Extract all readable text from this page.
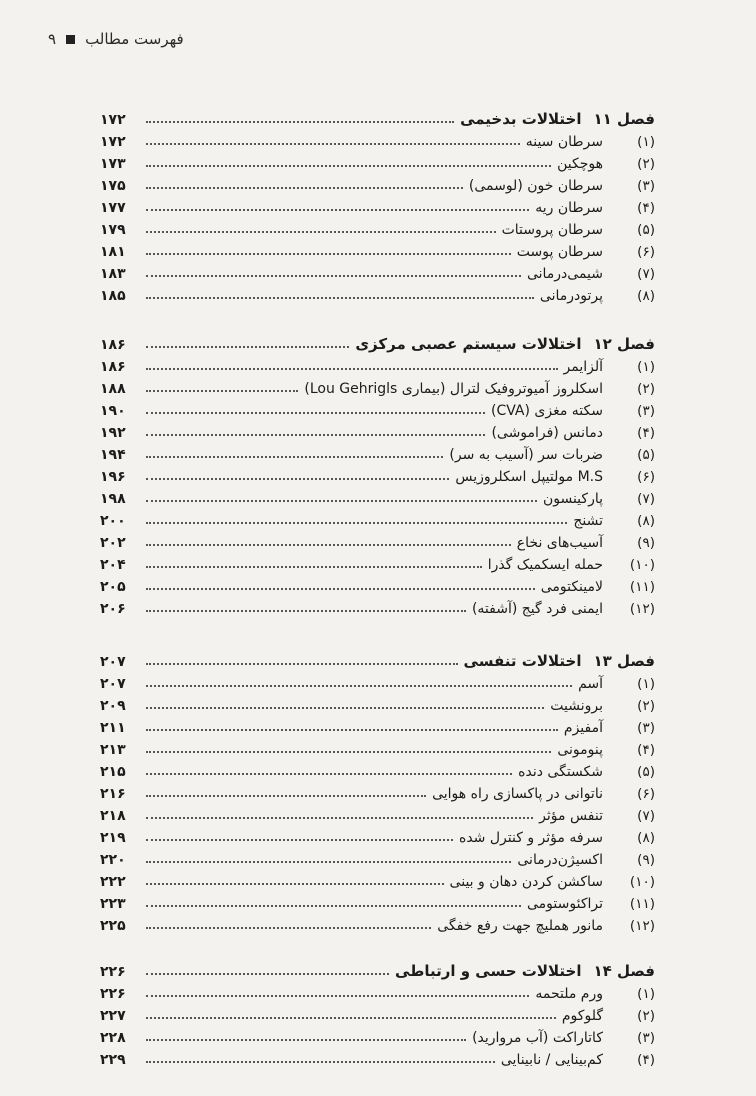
فهرست مطالب
۹
فصل ۱۱
اختلالات بدخیمی
۱۷۲
(۱)
سرطان سینه
۱۷۲
(۲)
هوچکین
۱۷۳
(۳)
سرطان خون (لوسمی)
۱۷۵
(۴)
سرطان ریه
۱۷۷
(۵)
سرطان پروستات
۱۷۹
(۶)
سرطان پوست
۱۸۱
(۷)
شیمی‌درمانی
۱۸۳
(۸)
پرتودرمانی
۱۸۵
فصل ۱۲
اختلالات سیستم عصبی مرکزی
۱۸۶
(۱)
آلزایمر
۱۸۶
(۲)
اسکلروز آمیوتروفیک لترال (بیماری Lou Gehrigls)
۱۸۸
(۳)
سکته مغزی (CVA)
۱۹۰
(۴)
دمانس (فراموشی)
۱۹۲
(۵)
ضربات سر (آسیب به سر)
۱۹۴
(۶)
M.S مولتیپل اسکلروزیس
۱۹۶
(۷)
پارکینسون
۱۹۸
(۸)
تشنج
۲۰۰
(۹)
آسیب‌های نخاع
۲۰۲
(۱۰)
حمله ایسکمیک گذرا
۲۰۴
(۱۱)
لامینکتومی
۲۰۵
(۱۲)
ایمنی فرد گیج (آشفته)
۲۰۶
فصل ۱۳
اختلالات تنفسی
۲۰۷
(۱)
آسم
۲۰۷
(۲)
برونشیت
۲۰۹
(۳)
آمفیزم
۲۱۱
(۴)
پنومونی
۲۱۳
(۵)
شکستگی دنده
۲۱۵
(۶)
ناتوانی در پاکسازی راه هوایی
۲۱۶
(۷)
تنفس مؤثر
۲۱۸
(۸)
سرفه مؤثر و کنترل شده
۲۱۹
(۹)
اکسیژن‌درمانی
۲۲۰
(۱۰)
ساکشن کردن دهان و بینی
۲۲۲
(۱۱)
تراکئوستومی
۲۲۳
(۱۲)
مانور همليچ جهت رفع خفگی
۲۲۵
فصل ۱۴
اختلالات حسی و ارتباطی
۲۲۶
(۱)
ورم ملتحمه
۲۲۶
(۲)
گلوکوم
۲۲۷
(۳)
کاتاراکت (آب مروارید)
۲۲۸
(۴)
کم‌بینایی / نابینایی
۲۲۹
